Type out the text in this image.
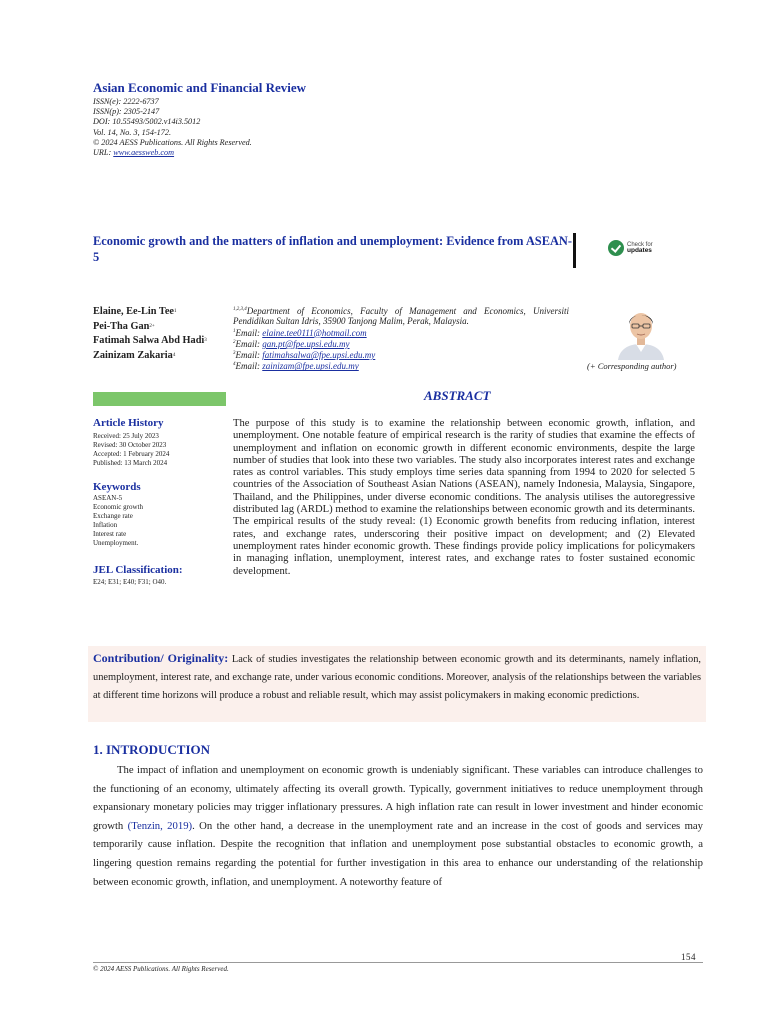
Asian Economic and Financial Review
ISSN(e): 2222-6737
ISSN(p): 2305-2147
DOI: 10.55493/5002.v14i3.5012
Vol. 14, No. 3, 154-172.
© 2024 AESS Publications. All Rights Reserved.
URL: www.aessweb.com
Economic growth and the matters of inflation and unemployment: Evidence from ASEAN-5
Check for
updates
Elaine, Ee-Lin Tee$^1$
Pei-Tha Gan$^{2+}$
Fatimah Salwa Abd Hadi$^3$
Zainizam Zakaria$^4$
$^{1,2,3,4}$Department of Economics, Faculty of Management and Economics, Universiti Pendidikan Sultan Idris, 35900 Tanjong Malim, Perak, Malaysia.
$^1$Email: elaine.tee0111@hotmail.com
$^2$Email: gan.pt@fpe.upsi.edu.my
$^3$Email: fatimahsalwa@fpe.upsi.edu.my
$^4$Email: zainizam@fpe.upsi.edu.my	(+ Corresponding author)
ABSTRACT
Article History
Received: 25 July 2023
Revised: 30 October 2023
Accepted: 1 February 2024
Published: 13 March 2024
Keywords
ASEAN-5
Economic growth
Exchange rate
Inflation
Interest rate
Unemployment.
JEL Classification:
E24; E31; E40; F31; O40.
The purpose of this study is to examine the relationship between economic growth, inflation, and unemployment. One notable feature of empirical research is the rarity of studies that examine the effects of unemployment and inflation on economic growth in different economic environments, despite the large number of studies that look into these two variables. The study also incorporates interest rates and exchange rates as control variables. This study employs time series data spanning from 1994 to 2020 for selected 5 countries of the Association of Southeast Asian Nations (ASEAN), namely Indonesia, Malaysia, Singapore, Thailand, and the Philippines, under diverse economic conditions. The analysis utilises the autoregressive distributed lag (ARDL) method to examine the relationships between economic growth and its determinants. The empirical results of the study reveal: (1) Economic growth benefits from reducing inflation, interest rates, and exchange rates, underscoring their positive impact on development; and (2) Elevated unemployment rates hinder economic growth. These findings provide policy implications for policymakers in managing inflation, unemployment, interest rates, and exchange rates to foster sustained economic development.
Contribution/ Originality: Lack of studies investigates the relationship between economic growth and its determinants, namely inflation, unemployment, interest rate, and exchange rate, under various economic conditions. Moreover, analysis of the relationships between the variables at different time horizons will produce a robust and reliable result, which may assist policymakers in making economic predictions.
1. INTRODUCTION
The impact of inflation and unemployment on economic growth is undeniably significant. These variables can introduce challenges to the functioning of an economy, ultimately affecting its overall growth. Typically, government initiatives to reduce unemployment through expansionary monetary policies may trigger inflationary pressures. A high inflation rate can result in lower investment and hinder economic growth (Tenzin, 2019). On the other hand, a decrease in the unemployment rate and an increase in the cost of goods and services may temporarily cause inflation. Despite the recognition that inflation and unemployment pose substantial obstacles to economic growth, a lingering question remains regarding the potential for further investigation in this area to enhance our understanding of the relationship between economic growth, inflation, and unemployment. A noteworthy feature of
154
© 2024 AESS Publications. All Rights Reserved.
